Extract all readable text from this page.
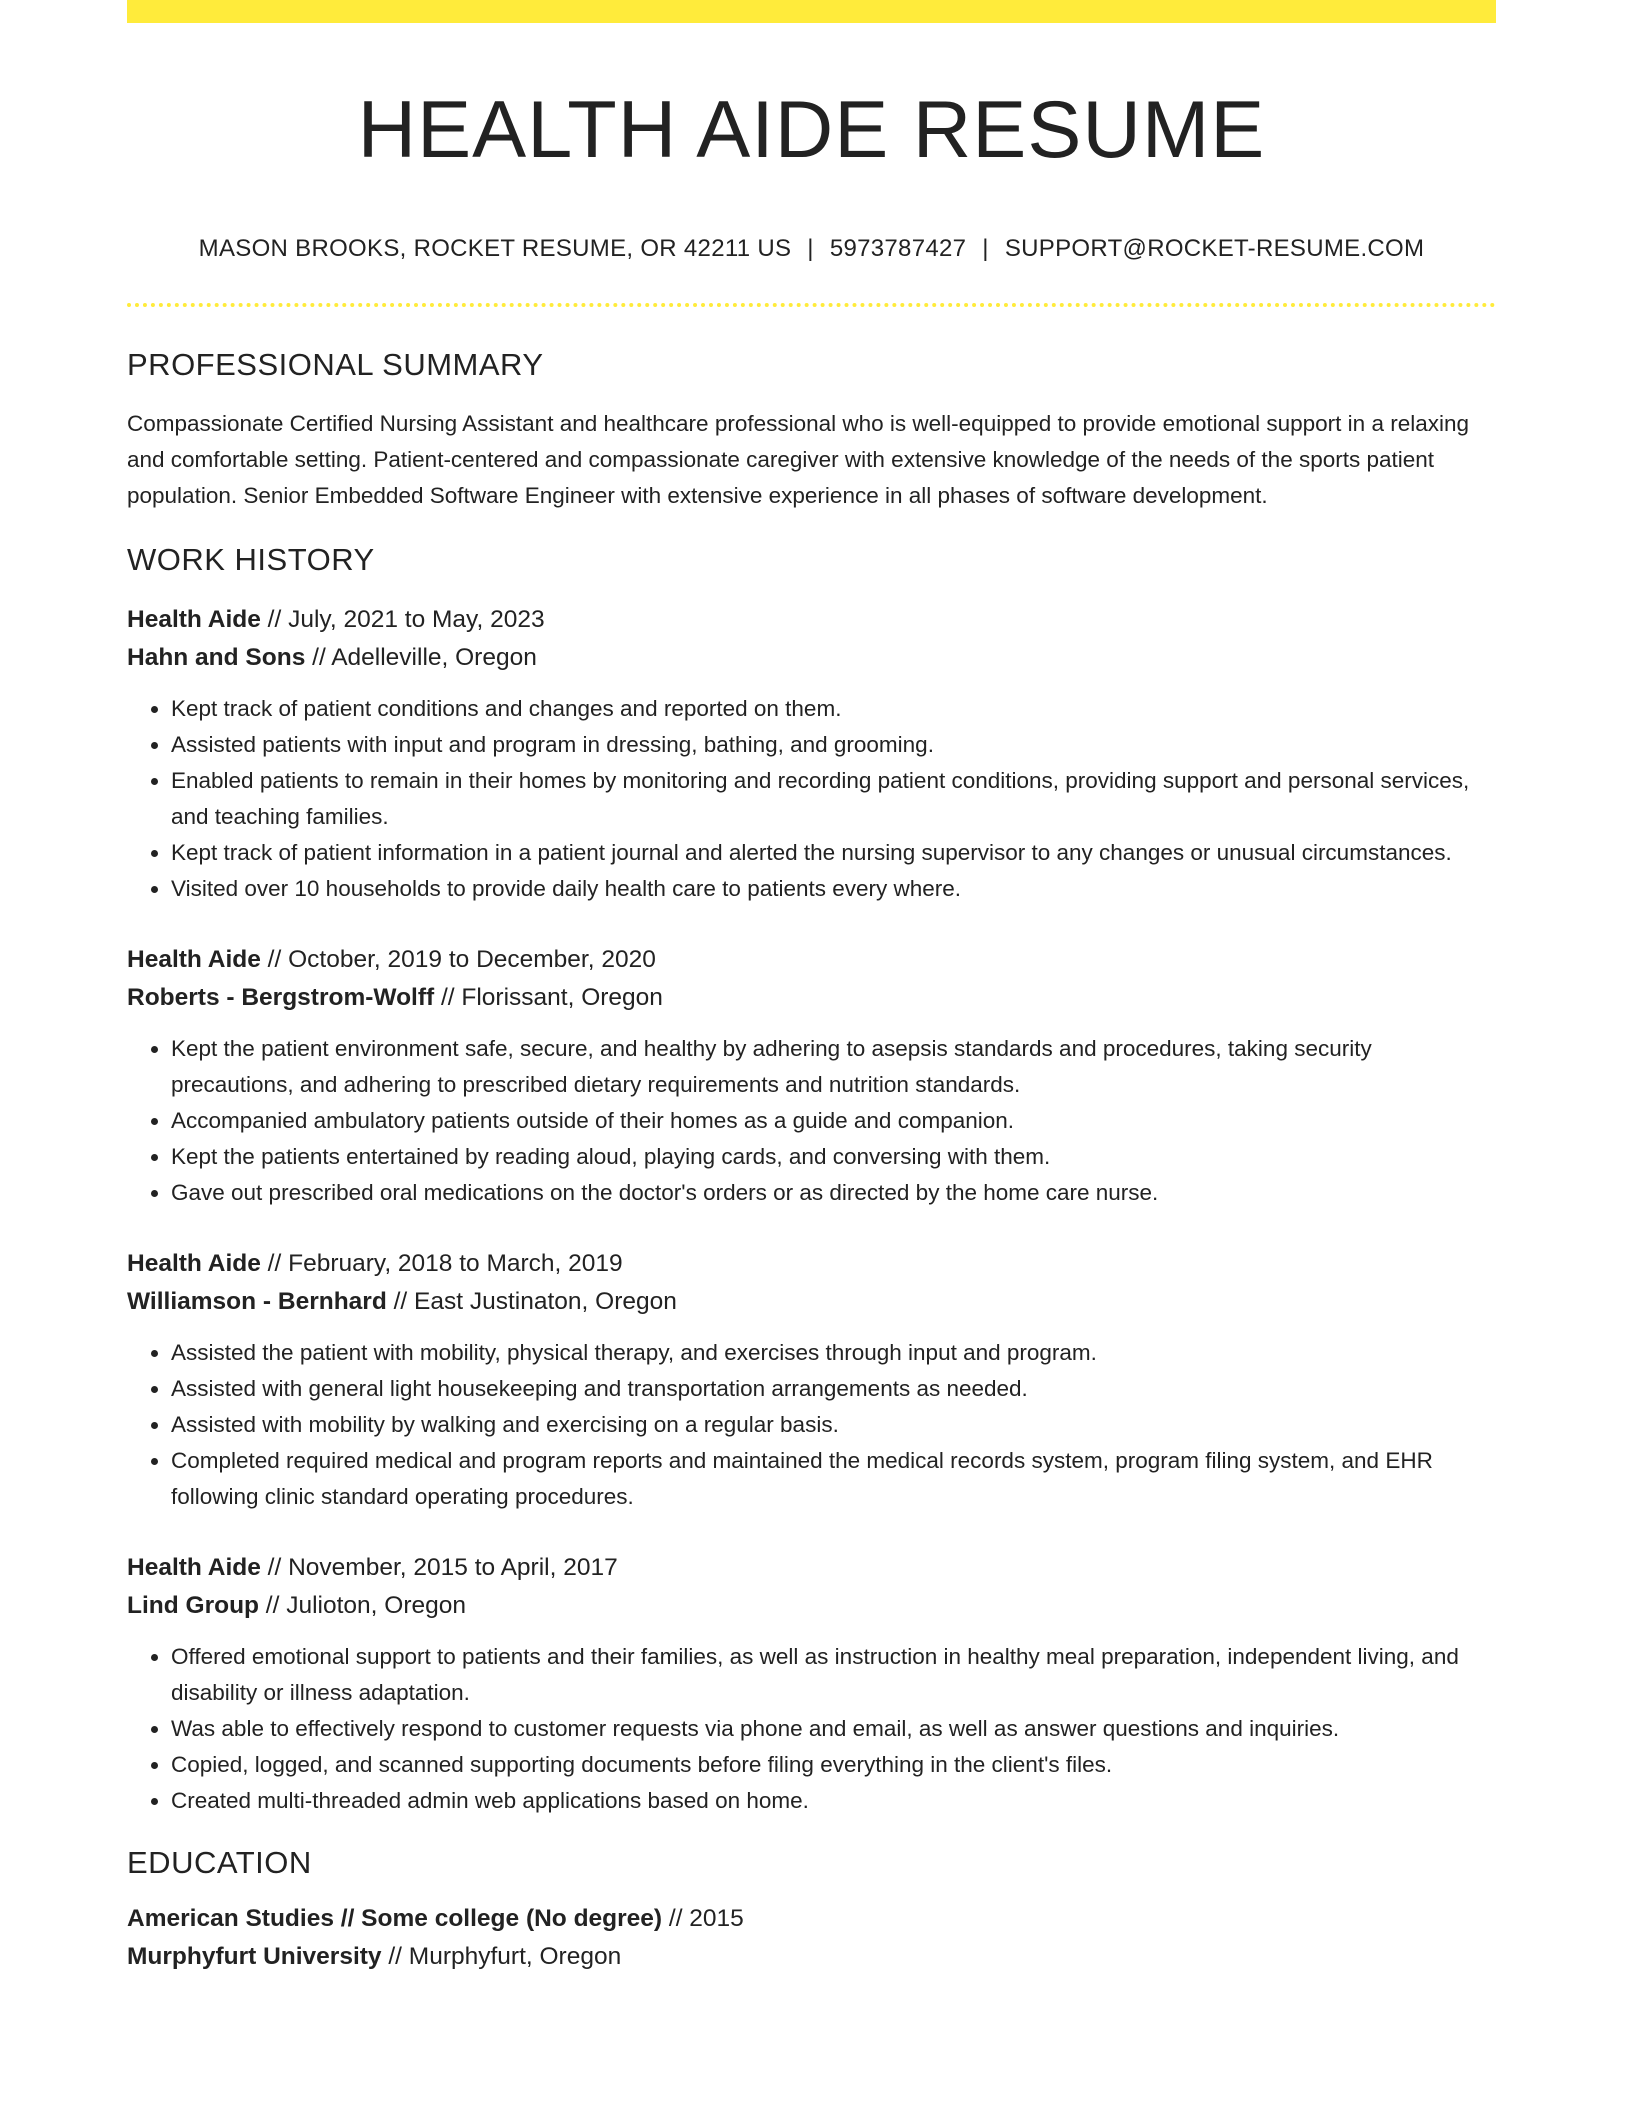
HEALTH AIDE RESUME
MASON BROOKS, ROCKET RESUME, OR 42211 US | 5973787427 | SUPPORT@ROCKET-RESUME.COM
PROFESSIONAL SUMMARY

Compassionate Certified Nursing Assistant and healthcare professional who is well-equipped to provide emotional support in a relaxing and comfortable setting. Patient-centered and compassionate caregiver with extensive knowledge of the needs of the sports patient population. Senior Embedded Software Engineer with extensive experience in all phases of software development.

WORK HISTORY
Health Aide // July, 2021 to May, 2023
Hahn and Sons // Adelleville, Oregon
• Kept track of patient conditions and changes and reported on them.
• Assisted patients with input and program in dressing, bathing, and grooming.
• Enabled patients to remain in their homes by monitoring and recording patient conditions, providing support and personal services, and teaching families.
• Kept track of patient information in a patient journal and alerted the nursing supervisor to any changes or unusual circumstances.
• Visited over 10 households to provide daily health care to patients every where.
Health Aide // October, 2019 to December, 2020
Roberts - Bergstrom-Wolff // Florissant, Oregon
• Kept the patient environment safe, secure, and healthy by adhering to asepsis standards and procedures, taking security precautions, and adhering to prescribed dietary requirements and nutrition standards.
• Accompanied ambulatory patients outside of their homes as a guide and companion.
• Kept the patients entertained by reading aloud, playing cards, and conversing with them.
• Gave out prescribed oral medications on the doctor's orders or as directed by the home care nurse.
Health Aide // February, 2018 to March, 2019
Williamson - Bernhard // East Justinaton, Oregon
• Assisted the patient with mobility, physical therapy, and exercises through input and program.
• Assisted with general light housekeeping and transportation arrangements as needed.
• Assisted with mobility by walking and exercising on a regular basis.
• Completed required medical and program reports and maintained the medical records system, program filing system, and EHR following clinic standard operating procedures.
Health Aide // November, 2015 to April, 2017
Lind Group // Julioton, Oregon
• Offered emotional support to patients and their families, as well as instruction in healthy meal preparation, independent living, and disability or illness adaptation.
• Was able to effectively respond to customer requests via phone and email, as well as answer questions and inquiries.
• Copied, logged, and scanned supporting documents before filing everything in the client's files.
• Created multi-threaded admin web applications based on home.
EDUCATION
American Studies // Some college (No degree) // 2015
Murphyfurt University // Murphyfurt, Oregon
